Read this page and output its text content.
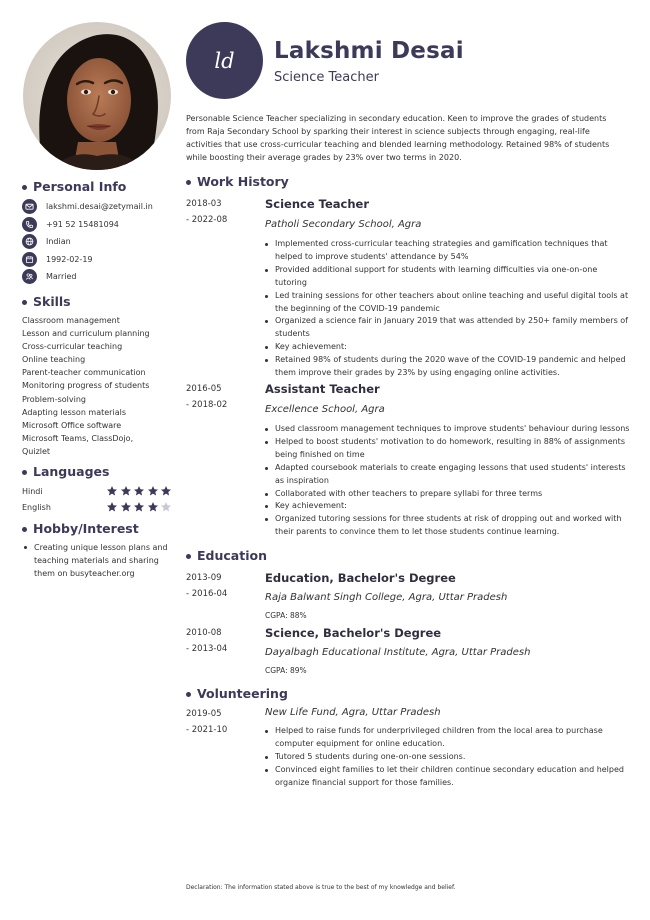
Personal Info
lakshmi.desai@zetymail.in
+91 52 15481094
Indian
1992-02-19
Married
Skills
Classroom management
Lesson and curriculum planning
Cross-curricular teaching
Online teaching
Parent-teacher communication
Monitoring progress of students
Problem-solving
Adapting lesson materials
Microsoft Office software
Microsoft Teams, ClassDojo,
Quizlet
Languages
Hindi
English
Hobby/Interest
Creating unique lesson plans and teaching materials and sharing them on busyteacher.org
ld	Lakshmi Desai
Science Teacher

Personable Science Teacher specializing in secondary education. Keen to improve the grades of students from Raja Secondary School by sparking their interest in science subjects through engaging, real-life activities that use cross-curricular teaching and blended learning methodology. Retained 98% of students while boosting their average grades by 23% over two terms in 2020.

Work History
2018-03
- 2022-08
Science Teacher
Patholi Secondary School, Agra
Implemented cross-curricular teaching strategies and gamification techniques that helped to improve students' attendance by 54%
Provided additional support for students with learning difficulties via one-on-one tutoring
Led training sessions for other teachers about online teaching and useful digital tools at the beginning of the COVID-19 pandemic
Organized a science fair in January 2019 that was attended by 250+ family members of students
Key achievement:
Retained 98% of students during the 2020 wave of the COVID-19 pandemic and helped them improve their grades by 23% by using engaging online activities.
2016-05
- 2018-02
Assistant Teacher
Excellence School, Agra
Used classroom management techniques to improve students' behaviour during lessons
Helped to boost students' motivation to do homework, resulting in 88% of assignments being finished on time
Adapted coursebook materials to create engaging lessons that used students' interests as inspiration
Collaborated with other teachers to prepare syllabi for three terms
Key achievement:
Organized tutoring sessions for three students at risk of dropping out and worked with their parents to convince them to let those students continue learning.
Education
2013-09
- 2016-04
Education, Bachelor's Degree
Raja Balwant Singh College, Agra, Uttar Pradesh
CGPA: 88%
2010-08
- 2013-04
Science, Bachelor's Degree
Dayalbagh Educational Institute, Agra, Uttar Pradesh
CGPA: 89%
Volunteering
2019-05
- 2021-10
New Life Fund, Agra, Uttar Pradesh
Helped to raise funds for underprivileged children from the local area to purchase computer equipment for online education.
Tutored 5 students during one-on-one sessions.
Convinced eight families to let their children continue secondary education and helped organize financial support for those families.
Declaration: The information stated above is true to the best of my knowledge and belief.
